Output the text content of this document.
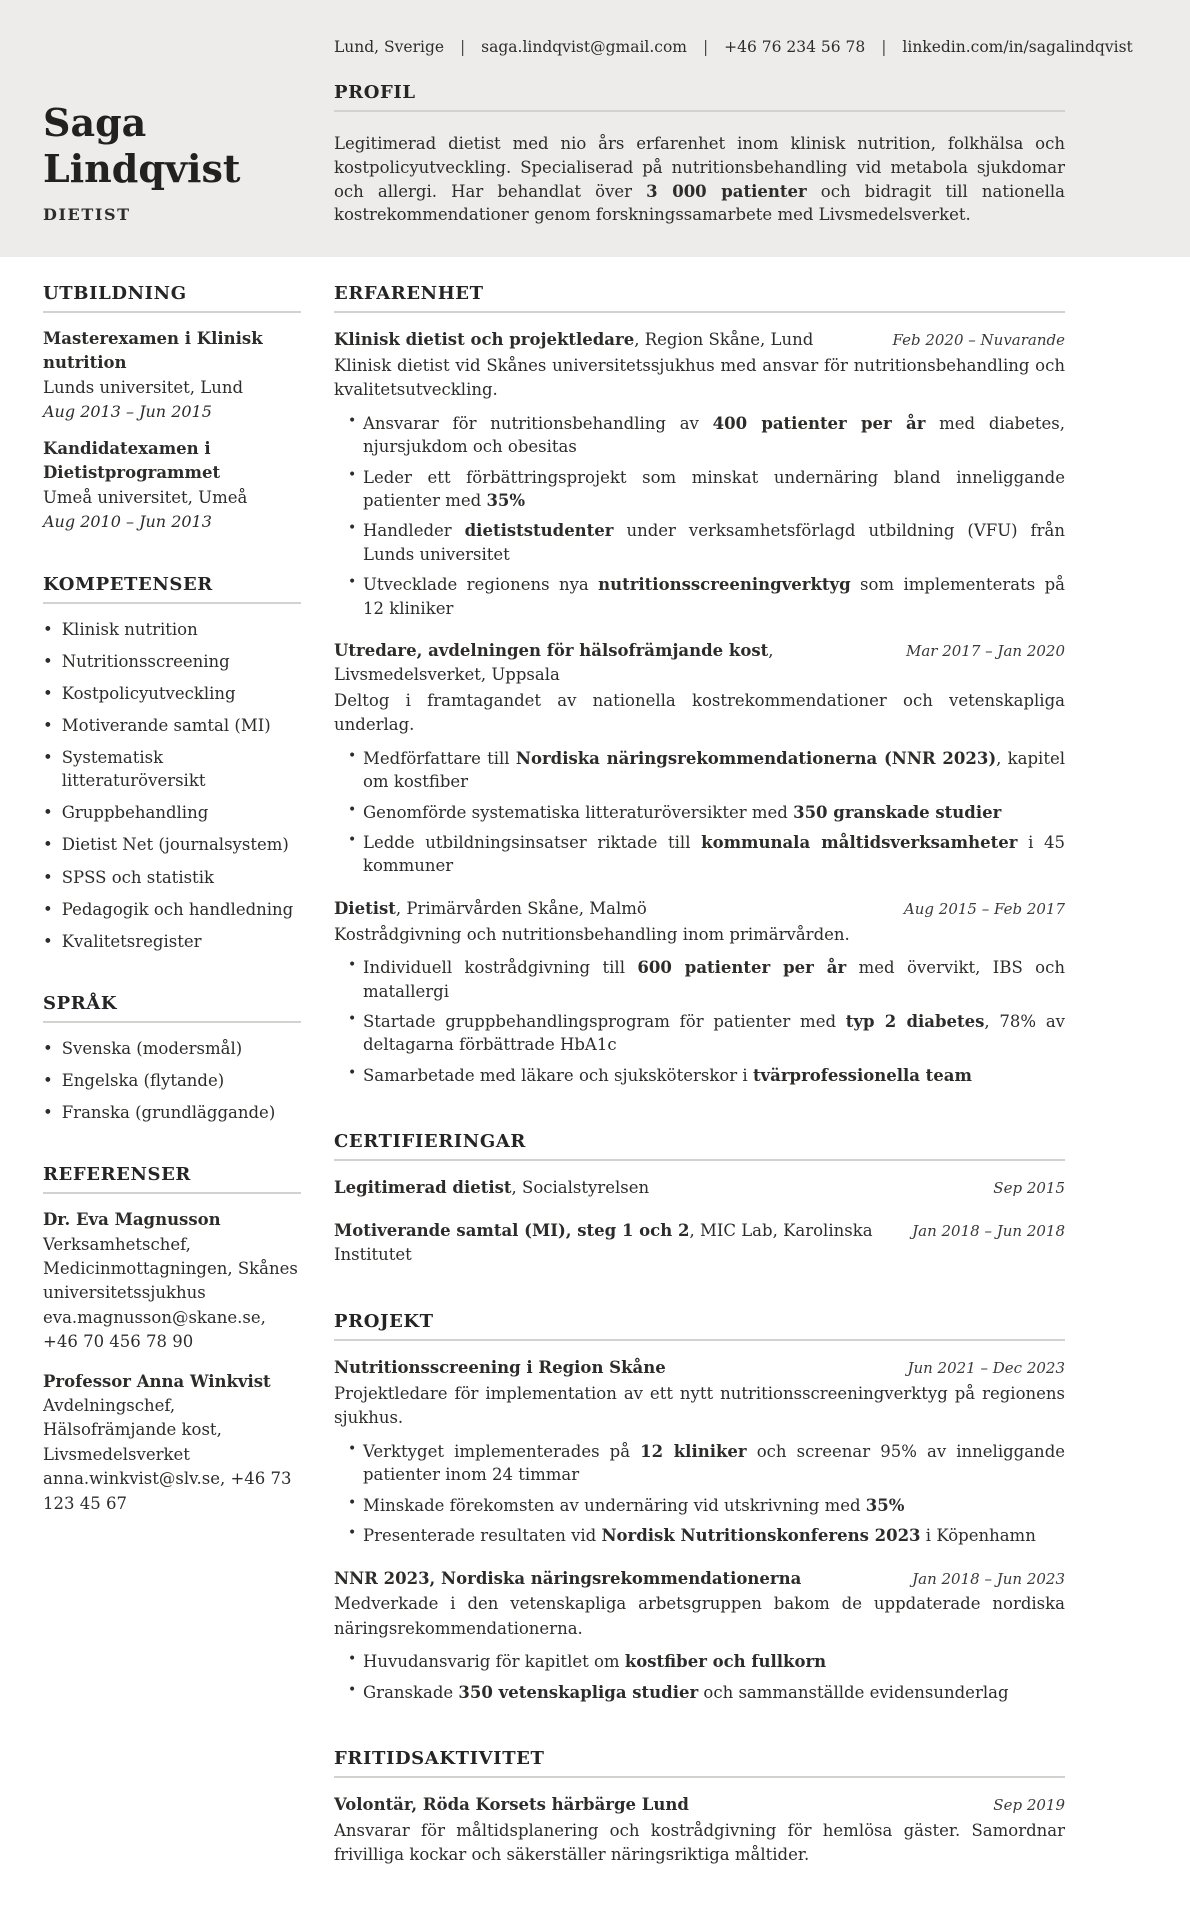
Saga
Lindqvist
DIETIST
Lund, Sverige | saga.lindqvist@gmail.com | +46 76 234 56 78 | linkedin.com/in/sagalindqvist
PROFIL

Legitimerad dietist med nio års erfarenhet inom klinisk nutrition, folkhälsa och kostpolicyutveckling. Specialiserad på nutritionsbehandling vid metabola sjukdomar och allergi. Har behandlat över 3 000 patienter och bidragit till nationella kostrekommendationer genom forskningssamarbete med Livsmedelsverket.

UTBILDNING
Masterexamen i Klinisk nutrition
Lunds universitet, Lund
Aug 2013 – Jun 2015
Kandidatexamen i Dietistprogrammet
Umeå universitet, Umeå
Aug 2010 – Jun 2013
KOMPETENSER
• Klinisk nutrition
• Nutritionsscreening
• Kostpolicyutveckling
• Motiverande samtal (MI)
• Systematisk litteraturöversikt
• Gruppbehandling
• Dietist Net (journalsystem)
• SPSS och statistik
• Pedagogik och handledning
• Kvalitetsregister
SPRÅK
• Svenska (modersmål)
• Engelska (flytande)
• Franska (grundläggande)
REFERENSER
Dr. Eva Magnusson
Verksamhetschef, Medicinmottagningen, Skånes universitetssjukhus
eva.magnusson@skane.se, +46 70 456 78 90
Professor Anna Winkvist
Avdelningschef, Hälsofrämjande kost, Livsmedelsverket
anna.winkvist@slv.se, +46 73 123 45 67
ERFARENHET
Klinisk dietist och projektledare, Region Skåne, Lund	Feb 2020 – Nuvarande

Klinisk dietist vid Skånes universitetssjukhus med ansvar för nutritionsbehandling och kvalitetsutveckling.

• Ansvarar för nutritionsbehandling av 400 patienter per år med diabetes, njursjukdom och obesitas
• Leder ett förbättringsprojekt som minskat undernäring bland inneliggande patienter med 35%
• Handleder dietiststudenter under verksamhetsförlagd utbildning (VFU) från Lunds universitet
• Utvecklade regionens nya nutritionsscreeningverktyg som implementerats på 12 kliniker
Utredare, avdelningen för hälsofrämjande kost, Livsmedelsverket, Uppsala
Mar 2017 – Jan 2020

Deltog i framtagandet av nationella kostrekommendationer och vetenskapliga underlag.

• Medförfattare till Nordiska näringsrekommendationerna (NNR 2023), kapitel om kostfiber
• Genomförde systematiska litteraturöversikter med 350 granskade studier
• Ledde utbildningsinsatser riktade till kommunala måltidsverksamheter i 45 kommuner
Dietist, Primärvården Skåne, Malmö	Aug 2015 – Feb 2017

Kostrådgivning och nutritionsbehandling inom primärvården.

• Individuell kostrådgivning till 600 patienter per år med övervikt, IBS och matallergi
• Startade gruppbehandlingsprogram för patienter med typ 2 diabetes, 78% av deltagarna förbättrade HbA1c
• Samarbetade med läkare och sjuksköterskor i tvärprofessionella team
CERTIFIERINGAR
Legitimerad dietist, Socialstyrelsen	Sep 2015
Motiverande samtal (MI), steg 1 och 2, MIC Lab, Karolinska Institutet
Jan 2018 – Jun 2018
PROJEKT
Nutritionsscreening i Region Skåne	Jun 2021 – Dec 2023

Projektledare för implementation av ett nytt nutritionsscreeningverktyg på regionens sjukhus.

• Verktyget implementerades på 12 kliniker och screenar 95% av inneliggande patienter inom 24 timmar
• Minskade förekomsten av undernäring vid utskrivning med 35%
• Presenterade resultaten vid Nordisk Nutritionskonferens 2023 i Köpenhamn
NNR 2023, Nordiska näringsrekommendationerna	Jan 2018 – Jun 2023

Medverkade i den vetenskapliga arbetsgruppen bakom de uppdaterade nordiska näringsrekommendationerna.

• Huvudansvarig för kapitlet om kostfiber och fullkorn
• Granskade 350 vetenskapliga studier och sammanställde evidensunderlag
FRITIDSAKTIVITET
Volontär, Röda Korsets härbärge Lund	Sep 2019

Ansvarar för måltidsplanering och kostrådgivning för hemlösa gäster. Samordnar frivilliga kockar och säkerställer näringsriktiga måltider.
